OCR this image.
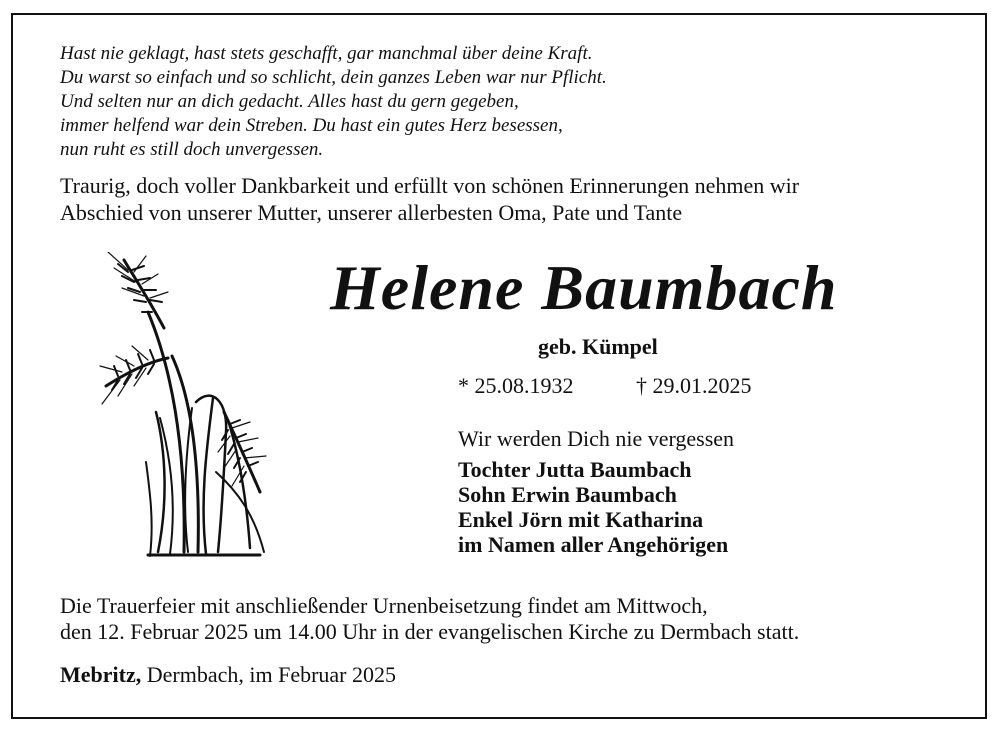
Hast nie geklagt, hast stets geschafft, gar manchmal über deine Kraft.
Du warst so einfach und so schlicht, dein ganzes Leben war nur Pflicht.
Und selten nur an dich gedacht. Alles hast du gern gegeben,
immer helfend war dein Streben. Du hast ein gutes Herz besessen,
nun ruht es still doch unvergessen.
Traurig, doch voller Dankbarkeit und erfüllt von schönen Erinnerungen nehmen wir
Abschied von unserer Mutter, unserer allerbesten Oma, Pate und Tante
Helene Baumbach
geb. Kümpel
* 25.08.1932	† 29.01.2025
Wir werden Dich nie vergessen
Tochter Jutta Baumbach
Sohn Erwin Baumbach
Enkel Jörn mit Katharina
im Namen aller Angehörigen
Die Trauerfeier mit anschließender Urnenbeisetzung findet am Mittwoch,
den 12. Februar 2025 um 14.00 Uhr in der evangelischen Kirche zu Dermbach statt.
Mebritz, Dermbach, im Februar 2025
